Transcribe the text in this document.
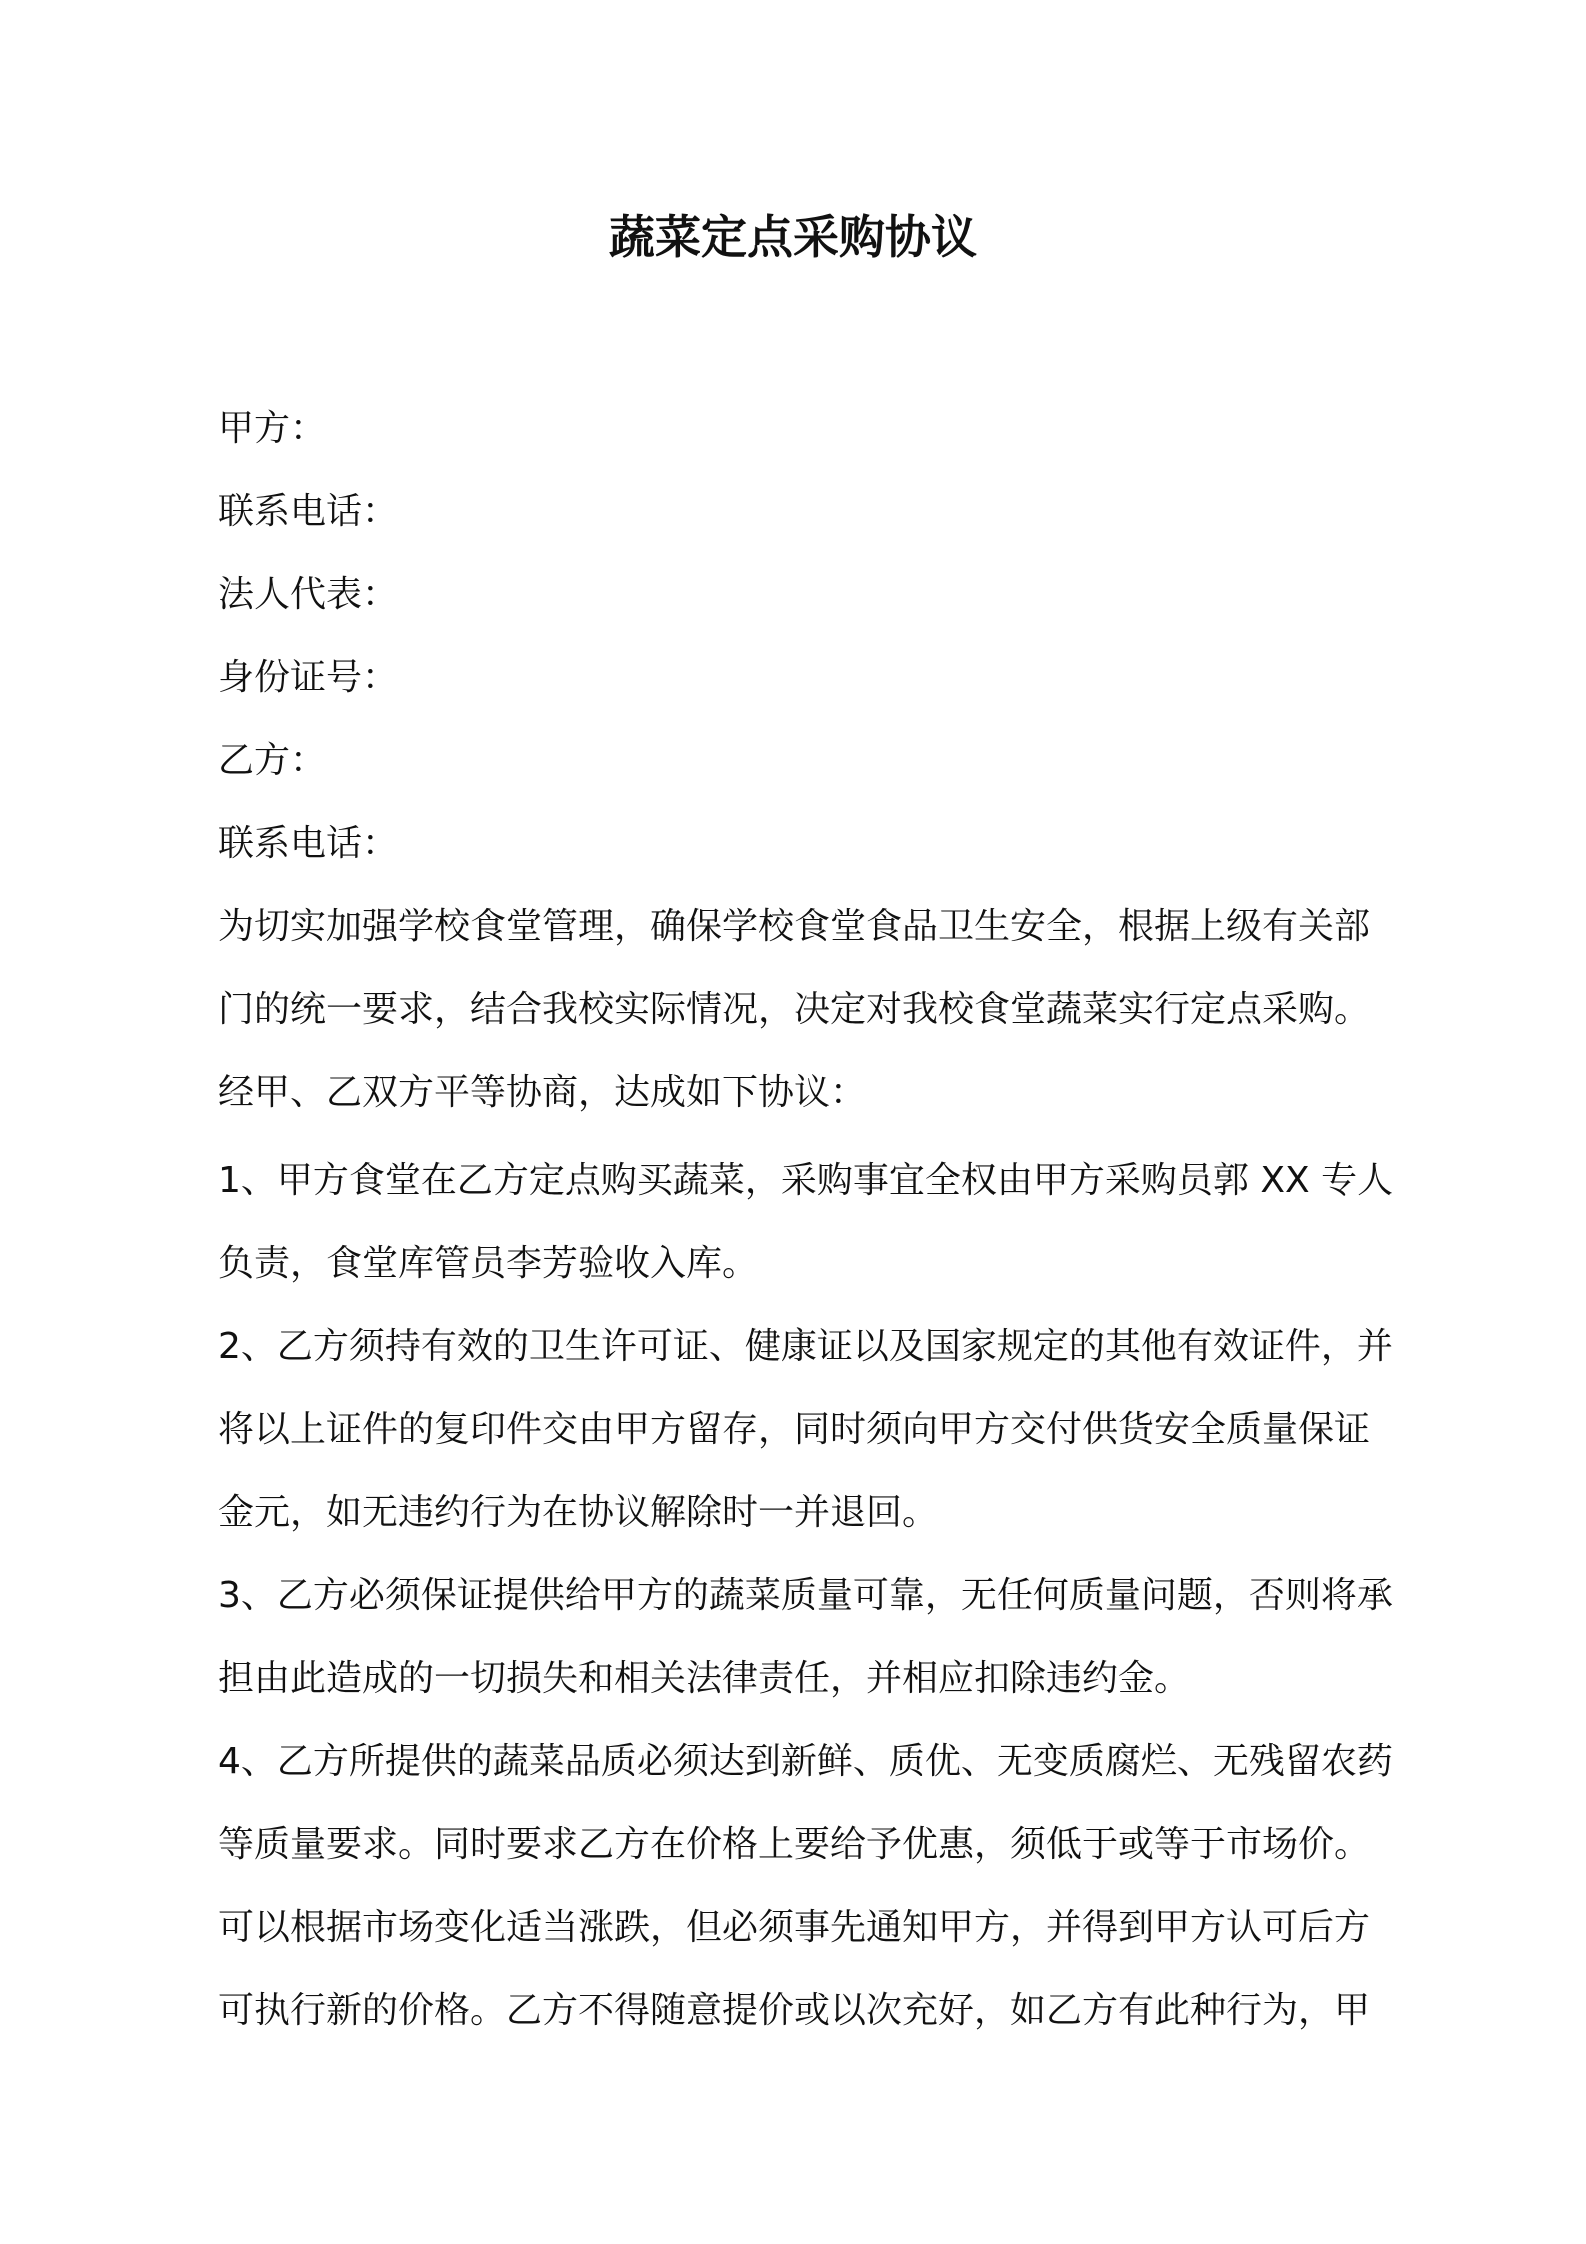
蔬菜定点采购协议
甲方：
联系电话：
法人代表：
身份证号：
乙方：
联系电话：
为切实加强学校食堂管理，确保学校食堂食品卫生安全，根据上级有关部
门的统一要求，结合我校实际情况，决定对我校食堂蔬菜实行定点采购。
经甲、乙双方平等协商，达成如下协议：
1、甲方食堂在乙方定点购买蔬菜，采购事宜全权由甲方采购员郭 XX 专人
负责，食堂库管员李芳验收入库。
2、乙方须持有效的卫生许可证、健康证以及国家规定的其他有效证件，并
将以上证件的复印件交由甲方留存，同时须向甲方交付供货安全质量保证
金元，如无违约行为在协议解除时一并退回。
3、乙方必须保证提供给甲方的蔬菜质量可靠，无任何质量问题，否则将承
担由此造成的一切损失和相关法律责任，并相应扣除违约金。
4、乙方所提供的蔬菜品质必须达到新鲜、质优、无变质腐烂、无残留农药
等质量要求。同时要求乙方在价格上要给予优惠，须低于或等于市场价。
可以根据市场变化适当涨跌，但必须事先通知甲方，并得到甲方认可后方
可执行新的价格。乙方不得随意提价或以次充好，如乙方有此种行为，甲
